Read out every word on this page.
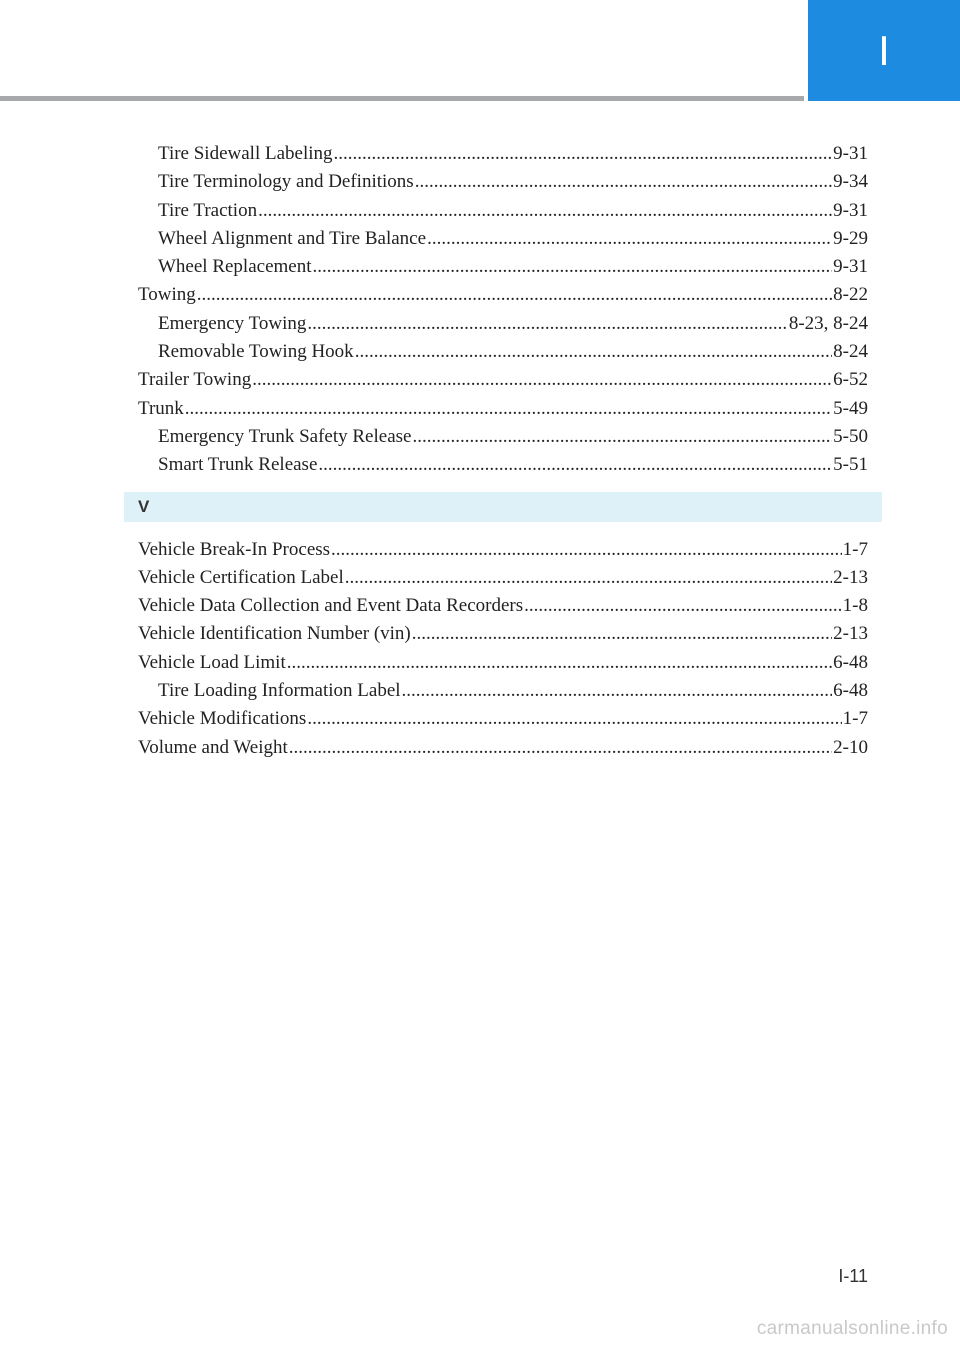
I
Tire Sidewall Labeling .....	9-31
Tire Terminology and Definitions .....	9-34
Tire Traction .....	9-31
Wheel Alignment and Tire Balance .....	9-29
Wheel Replacement .....	9-31
Towing .....	8-22
Emergency Towing .....	8-23, 8-24
Removable Towing Hook .....	8-24
Trailer Towing .....	6-52
Trunk .....	5-49
Emergency Trunk Safety Release .....	5-50
Smart Trunk Release .....	5-51
V
Vehicle Break-In Process .....	1-7
Vehicle Certification Label .....	2-13
Vehicle Data Collection and Event Data Recorders .....	1-8
Vehicle Identification Number (vin) .....	2-13
Vehicle Load Limit .....	6-48
Tire Loading Information Label .....	6-48
Vehicle Modifications .....	1-7
Volume and Weight .....	2-10
I-11
carmanualsonline.info
